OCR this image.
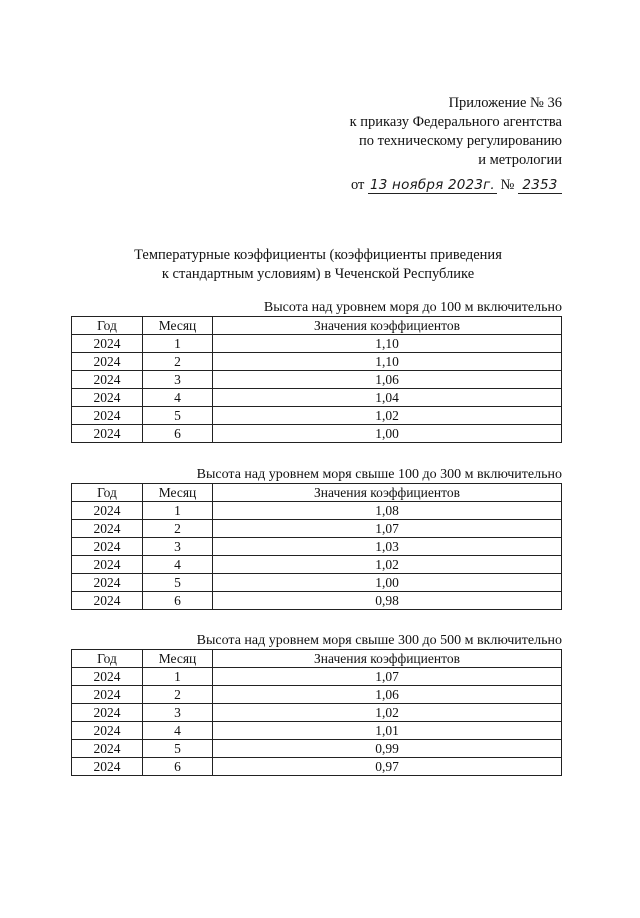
Приложение № 36
к приказу Федерального агентства
по техническому регулированию
и метрологии
от 13 ноября 2023г. № 2353
Температурные коэффициенты (коэффициенты приведения
к стандартным условиям) в Чеченской Республике
Высота над уровнем моря до 100 м включительно
Год	Месяц	Значения коэффициентов
2024	1	1,10
2024	2	1,10
2024	3	1,06
2024	4	1,04
2024	5	1,02
2024	6	1,00
Высота над уровнем моря свыше 100 до 300 м включительно
Год	Месяц	Значения коэффициентов
2024	1	1,08
2024	2	1,07
2024	3	1,03
2024	4	1,02
2024	5	1,00
2024	6	0,98
Высота над уровнем моря свыше 300 до 500 м включительно
Год	Месяц	Значения коэффициентов
2024	1	1,07
2024	2	1,06
2024	3	1,02
2024	4	1,01
2024	5	0,99
2024	6	0,97
